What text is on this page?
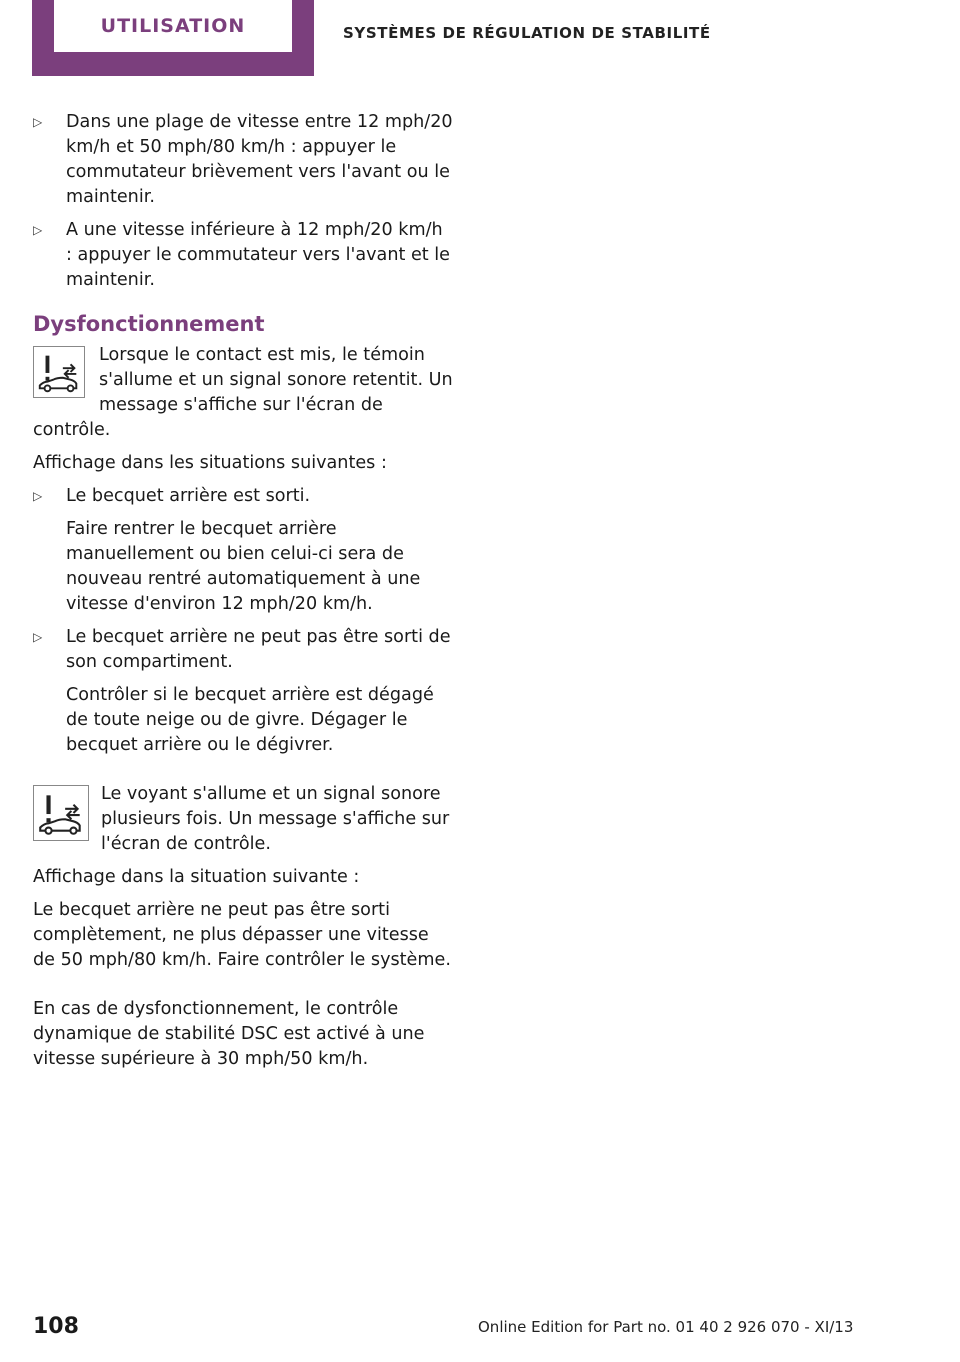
UTILISATION	SYSTÈMES DE RÉGULATION DE STABILITÉ
▷ Dans une plage de vitesse entre 12 mph/20 km/h et 50 mph/80 km/h : appuyer le commutateur brièvement vers l'avant ou le maintenir.

▷ A une vitesse inférieure à 12 mph/20 km/h : appuyer le commutateur vers l'avant et le maintenir.

Dysfonctionnement
Lorsque le contact est mis, le témoin s'allume et un signal sonore retentit. Un message s'affiche sur l'écran de contrôle.

Affichage dans les situations suivantes :

▷ Le becquet arrière est sorti.

Faire rentrer le becquet arrière manuellement ou bien celui-ci sera de nouveau rentré automatiquement à une vitesse d'environ 12 mph/20 km/h.

▷ Le becquet arrière ne peut pas être sorti de son compartiment.

Contrôler si le becquet arrière est dégagé de toute neige ou de givre. Dégager le becquet arrière ou le dégivrer.

Le voyant s'allume et un signal sonore plusieurs fois. Un message s'affiche sur l'écran de contrôle.

Affichage dans la situation suivante :

Le becquet arrière ne peut pas être sorti complètement, ne plus dépasser une vitesse de 50 mph/80 km/h. Faire contrôler le système.

En cas de dysfonctionnement, le contrôle dynamique de stabilité DSC est activé à une vitesse supérieure à 30 mph/50 km/h.

108	Online Edition for Part no. 01 40 2 926 070 - XI/13
